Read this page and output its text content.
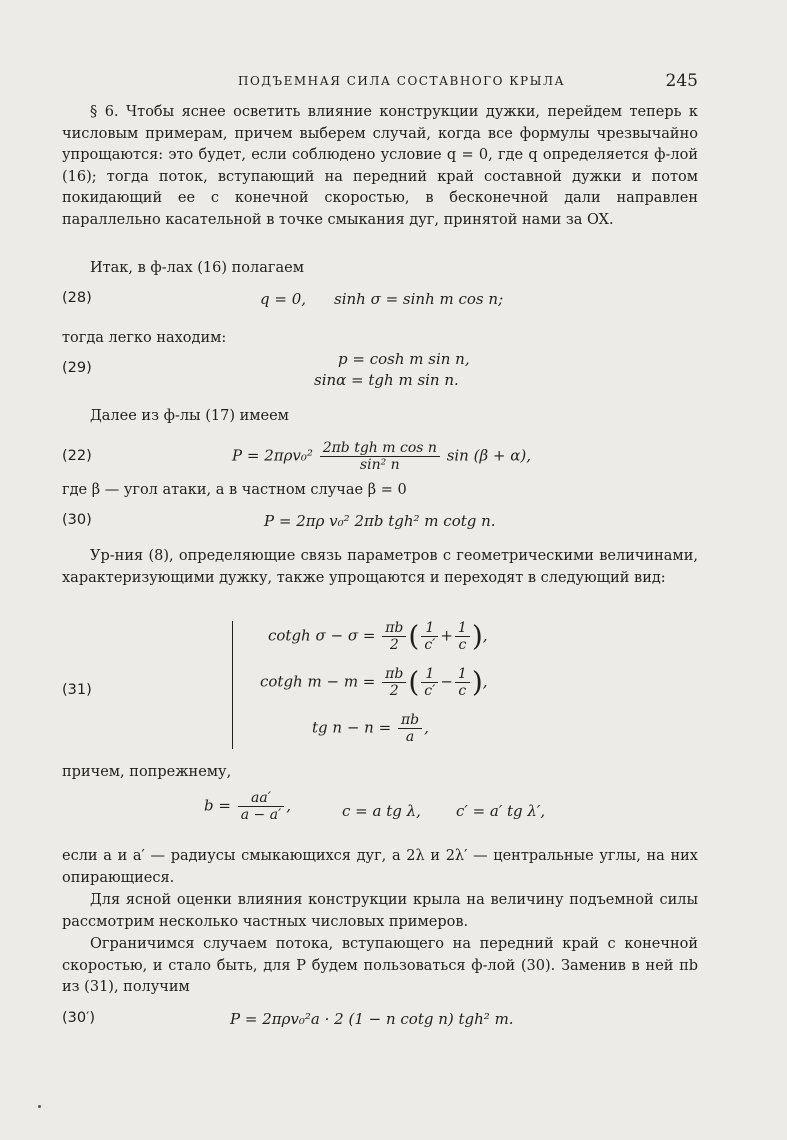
ПОДЪЕМНАЯ СИЛА СОСТАВНОГО КРЫЛА	245

§ 6. Чтобы яснее осветить влияние конструкции дужки, перейдем теперь к числовым примерам, причем выберем случай, когда все формулы чрезвычайно упрощаются: это будет, если соблюдено условие q = 0, где q определяется ф-лой (16); тогда поток, вступающий на передний край составной дужки и потом покидающий ее с конечной скоростью, в бесконечной дали направлен параллельно касательной в точке смыкания дуг, принятой нами за OX.

Итак, в ф-лах (16) полагаем

(28)	q = 0, sinh σ = sinh m cos n;

тогда легко находим:

(29)	p = cosh m sin n,
sinα = tgh m sin n.

Далее из ф-лы (17) имеем

(22)	$P = 2\pi\rho v_0^2 \frac{\text{2πb tgh m cos n}}{\text{sin² n}}$ sin (β + α),

где β — угол атаки, а в частном случае β = 0

(30)	P = 2πρ v₀² 2πb tgh² m cotg n.

Ур-ния (8), определяющие связь параметров с геометрическими величинами, характеризующими дужку, также упрощаются и переходят в следующий вид:

(31)
cotgh $\sigma - \sigma = \frac{\pi b}{2}$ ( $\frac{1}{c'} + \frac{1}{c}$ ),
cotgh $m - m = \frac{\pi b}{2}$ ( $\frac{1}{c'} - \frac{1}{c}$ ),
tg $n - n = \frac{\pi b}{a}$ ,

причем, попрежнему,

$b = \frac{aa'}{a - a'}$ ,	c = a tg λ, c′ = a′ tg λ′,

если a и a′ — радиусы смыкающихся дуг, а 2λ и 2λ′ — центральные углы, на них опирающиеся.

Для ясной оценки влияния конструкции крыла на величину подъемной силы рассмотрим несколько частных числовых примеров.

Ограничимся случаем потока, вступающего на передний край с конечной скоростью, и стало быть, для P будем пользоваться ф-лой (30). Заменив в ней πb из (31), получим

(30′)	P = 2πρv₀²a · 2 (1 − n cotg n) tgh² m.
